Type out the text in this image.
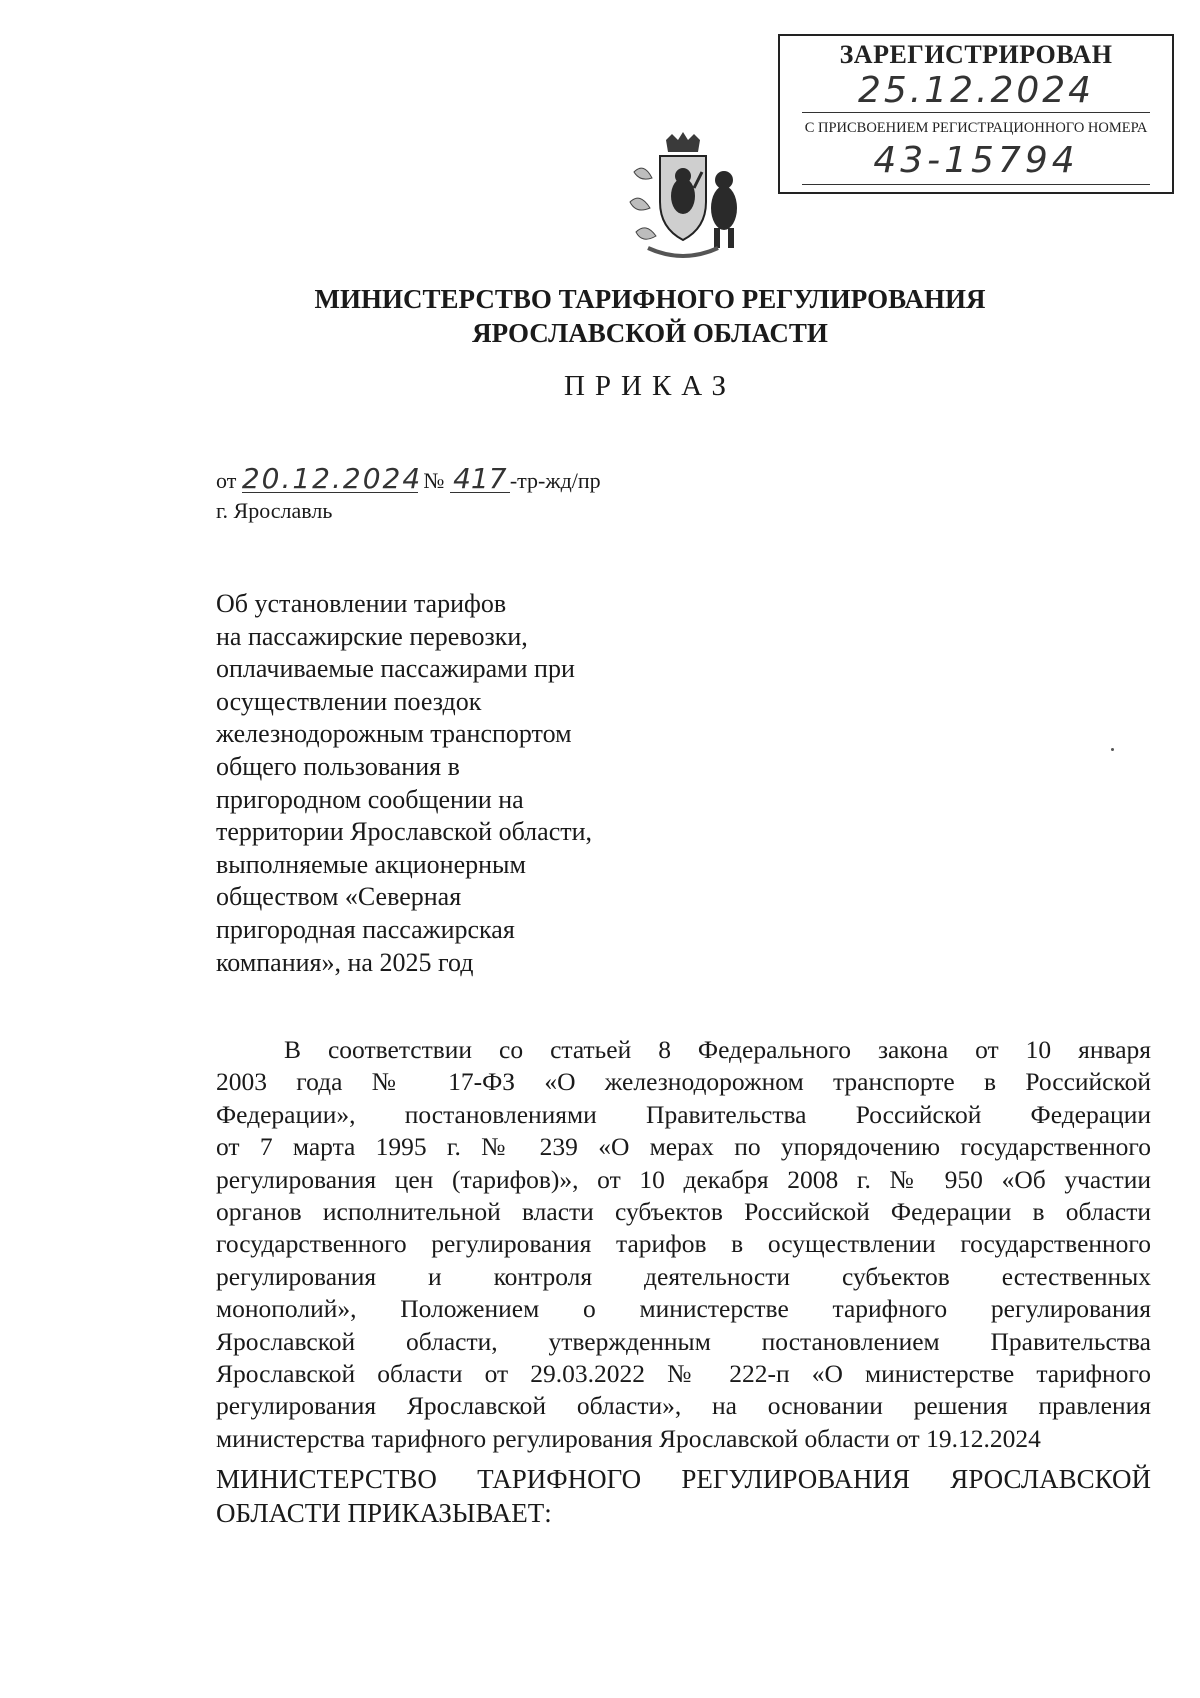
ЗАРЕГИСТРИРОВАН
25.12.2024
С ПРИСВОЕНИЕМ РЕГИСТРАЦИОННОГО НОМЕРА
43-15794
МИНИСТЕРСТВО ТАРИФНОГО РЕГУЛИРОВАНИЯ
ЯРОСЛАВСКОЙ ОБЛАСТИ
ПРИКАЗ
от 20.12.2024 № 417 -тр-жд/пр
г. Ярославль
Об установлении тарифов
на пассажирские перевозки,
оплачиваемые пассажирами при
осуществлении поездок
железнодорожным транспортом
общего пользования в
пригородном сообщении на
территории Ярославской области,
выполняемые акционерным
обществом «Северная
пригородная пассажирская
компания», на 2025 год
В соответствии со статьей 8 Федерального закона от 10 января
2003 года № 17-ФЗ «О железнодорожном транспорте в Российской
Федерации», постановлениями Правительства Российской Федерации
от 7 марта 1995 г. № 239 «О мерах по упорядочению государственного
регулирования цен (тарифов)», от 10 декабря 2008 г. № 950 «Об участии
органов исполнительной власти субъектов Российской Федерации в области
государственного регулирования тарифов в осуществлении государственного
регулирования и контроля деятельности субъектов естественных
монополий», Положением о министерстве тарифного регулирования
Ярославской области, утвержденным постановлением Правительства
Ярославской области от 29.03.2022 № 222-п «О министерстве тарифного
регулирования Ярославской области», на основании решения правления
министерства тарифного регулирования Ярославской области от 19.12.2024
МИНИСТЕРСТВО ТАРИФНОГО РЕГУЛИРОВАНИЯ ЯРОСЛАВСКОЙ
ОБЛАСТИ ПРИКАЗЫВАЕТ:
